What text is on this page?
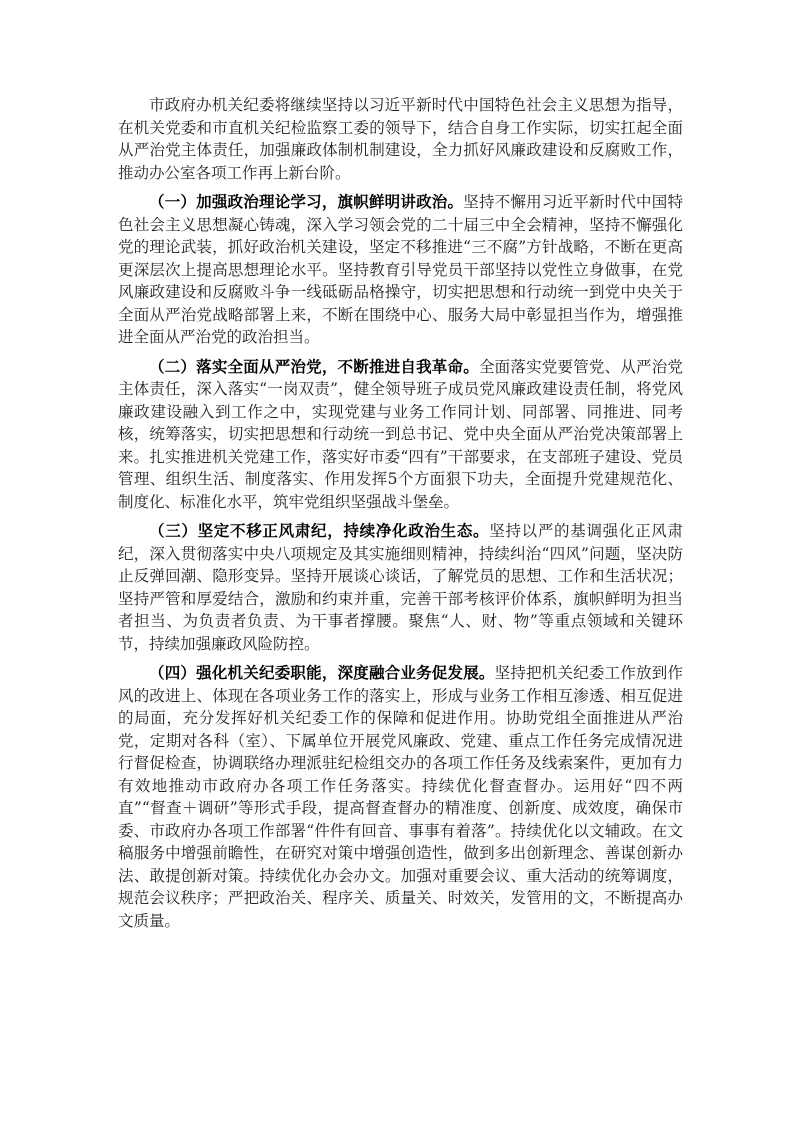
市政府办机关纪委将继续坚持以习近平新时代中国特色社会主义思想为指导，在机关党委和市直机关纪检监察工委的领导下，结合自身工作实际，切实扛起全面从严治党主体责任，加强廉政体制机制建设，全力抓好风廉政建设和反腐败工作，推动办公室各项工作再上新台阶。

（一）加强政治理论学习，旗帜鲜明讲政治。坚持不懈用习近平新时代中国特色社会主义思想凝心铸魂，深入学习领会党的二十届三中全会精神，坚持不懈强化党的理论武装，抓好政治机关建设，坚定不移推进“三不腐”方针战略，不断在更高更深层次上提高思想理论水平。坚持教育引导党员干部坚持以党性立身做事，在党风廉政建设和反腐败斗争一线砥砺品格操守，切实把思想和行动统一到党中央关于全面从严治党战略部署上来，不断在围绕中心、服务大局中彰显担当作为，增强推进全面从严治党的政治担当。

（二）落实全面从严治党，不断推进自我革命。全面落实党要管党、从严治党主体责任，深入落实“一岗双责”，健全领导班子成员党风廉政建设责任制，将党风廉政建设融入到工作之中，实现党建与业务工作同计划、同部署、同推进、同考核，统筹落实，切实把思想和行动统一到总书记、党中央全面从严治党决策部署上来。扎实推进机关党建工作，落实好市委“四有”干部要求，在支部班子建设、党员管理、组织生活、制度落实、作用发挥5个方面狠下功夫，全面提升党建规范化、制度化、标准化水平，筑牢党组织坚强战斗堡垒。

（三）坚定不移正风肃纪，持续净化政治生态。坚持以严的基调强化正风肃纪，深入贯彻落实中央八项规定及其实施细则精神，持续纠治“四风”问题，坚决防止反弹回潮、隐形变异。坚持开展谈心谈话，了解党员的思想、工作和生活状况；坚持严管和厚爱结合，激励和约束并重，完善干部考核评价体系，旗帜鲜明为担当者担当、为负责者负责、为干事者撑腰。聚焦“人、财、物”等重点领域和关键环节，持续加强廉政风险防控。

（四）强化机关纪委职能，深度融合业务促发展。坚持把机关纪委工作放到作风的改进上、体现在各项业务工作的落实上，形成与业务工作相互渗透、相互促进的局面，充分发挥好机关纪委工作的保障和促进作用。协助党组全面推进从严治党，定期对各科（室）、下属单位开展党风廉政、党建、重点工作任务完成情况进行督促检查，协调联络办理派驻纪检组交办的各项工作任务及线索案件，更加有力有效地推动市政府办各项工作任务落实。持续优化督查督办。运用好“四不两直”“督查＋调研”等形式手段，提高督查督办的精准度、创新度、成效度，确保市委、市政府办各项工作部署“件件有回音、事事有着落”。持续优化以文辅政。在文稿服务中增强前瞻性，在研究对策中增强创造性，做到多出创新理念、善谋创新办法、敢提创新对策。持续优化办会办文。加强对重要会议、重大活动的统筹调度，规范会议秩序；严把政治关、程序关、质量关、时效关，发管用的文，不断提高办文质量。
